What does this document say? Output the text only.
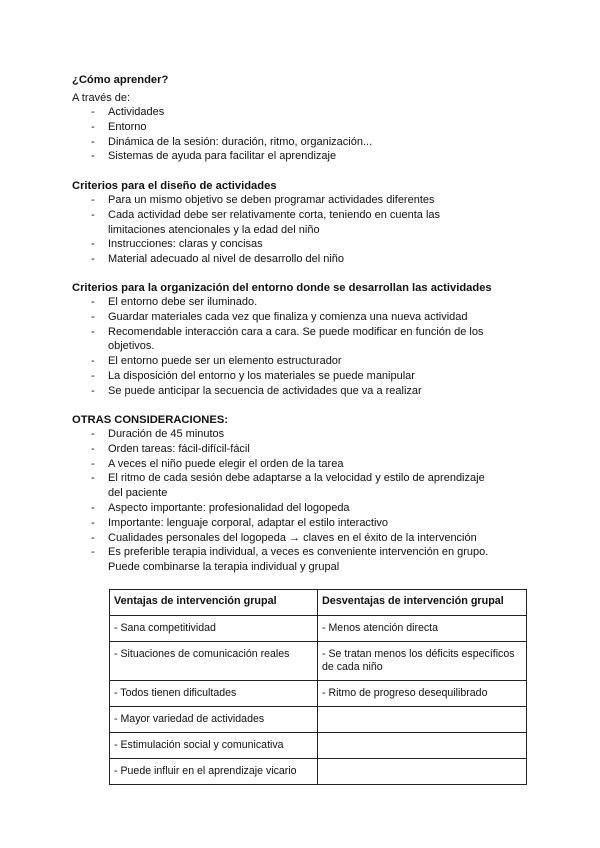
¿Cómo aprender?
A través de:
- Actividades
- Entorno
- Dinámica de la sesión: duración, ritmo, organización...
- Sistemas de ayuda para facilitar el aprendizaje
Criterios para el diseño de actividades
- Para un mismo objetivo se deben programar actividades diferentes
- Cada actividad debe ser relativamente corta, teniendo en cuenta las limitaciones atencionales y la edad del niño
- Instrucciones: claras y concisas
- Material adecuado al nivel de desarrollo del niño
Criterios para la organización del entorno donde se desarrollan las actividades
- El entorno debe ser iluminado.
- Guardar materiales cada vez que finaliza y comienza una nueva actividad
- Recomendable interacción cara a cara. Se puede modificar en función de los objetivos.
- El entorno puede ser un elemento estructurador
- La disposición del entorno y los materiales se puede manipular
- Se puede anticipar la secuencia de actividades que va a realizar
OTRAS CONSIDERACIONES:
- Duración de 45 minutos
- Orden tareas: fácil-difícil-fácil
- A veces el niño puede elegir el orden de la tarea
- El ritmo de cada sesión debe adaptarse a la velocidad y estilo de aprendizaje del paciente
- Aspecto importante: profesionalidad del logopeda
- Importante: lenguaje corporal, adaptar el estilo interactivo
- Cualidades personales del logopeda → claves en el éxito de la intervención
- Es preferible terapia individual, a veces es conveniente intervención en grupo. Puede combinarse la terapia individual y grupal
Ventajas de intervención grupal	Desventajas de intervención grupal
- Sana competitividad	- Menos atención directa
- Situaciones de comunicación reales	- Se tratan menos los déficits específicos de cada niño
- Todos tienen dificultades	- Ritmo de progreso desequilibrado
- Mayor variedad de actividades	
- Estimulación social y comunicativa	
- Puede influir en el aprendizaje vicario	
